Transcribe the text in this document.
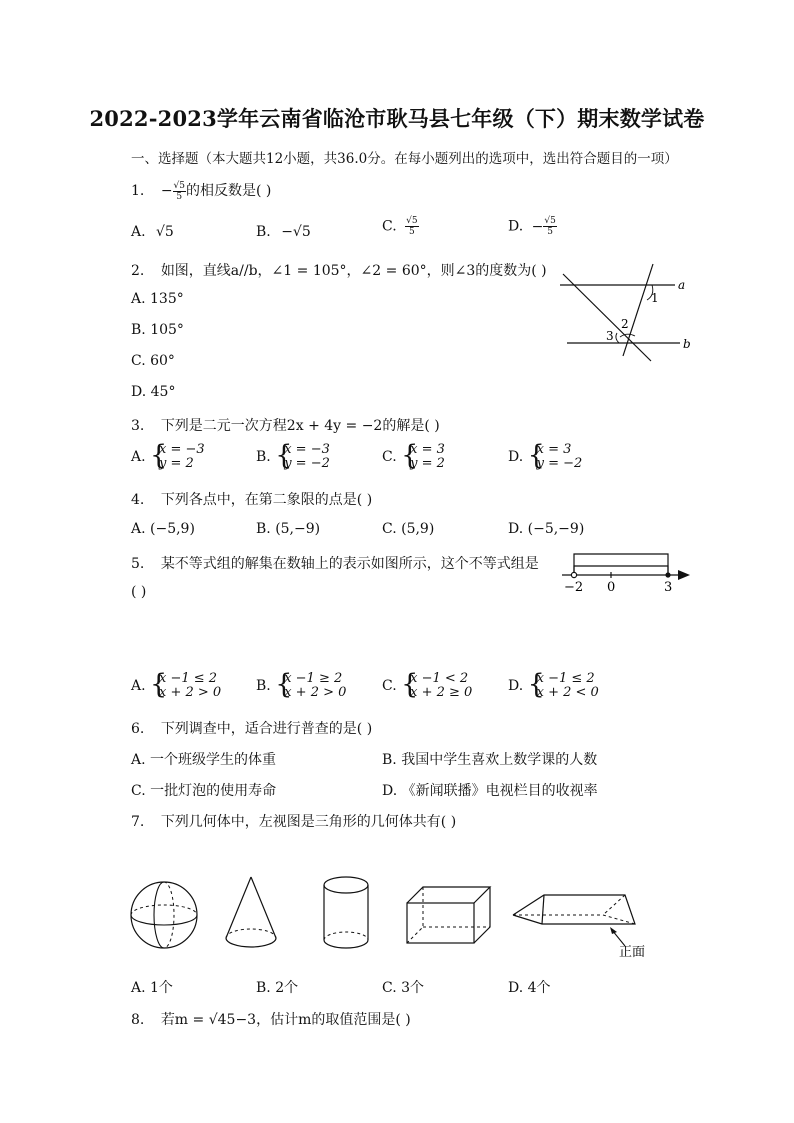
2022-2023学年云南省临沧市耿马县七年级（下）期末数学试卷
一、选择题（本大题共12小题，共36.0分。在每小题列出的选项中，选出符合题目的一项）
1. − $\frac{√5}{5}$ 的相反数是( )
A. √5	B. −√5	C. $\frac{√5}{5}$	D. − $\frac{√5}{5}$
2. 如图，直线a//b，∠1 = 105°，∠2 = 60°，则∠3的度数为( )
A. 135°
B. 105°
C. 60°
D. 45°
a
b
1
2
3
3. 下列是二元一次方程2x + 4y = −2的解是( )
A. {
x = −3
y = 2	B. {
x = −3
y = −2	C. {
x = 3
y = 2	D. {
x = 3
y = −2
4. 下列各点中，在第二象限的点是( )
A. (−5,9)	B. (5,−9)	C. (5,9)	D. (−5,−9)
5. 某不等式组的解集在数轴上的表示如图所示，这个不等式组是
( )	−2 0	3
A. {
x −1 ≤ 2
x + 2 > 0 B. {
x −1 ≥ 2
x + 2 > 0	C. {
x −1 < 2
x + 2 ≥ 0	D. {
x −1 ≤ 2
x + 2 < 0
6. 下列调查中，适合进行普查的是( )
A. 一个班级学生的体重	B. 我国中学生喜欢上数学课的人数
C. 一批灯泡的使用寿命	D. 《新闻联播》电视栏目的收视率
7. 下列几何体中，左视图是三角形的几何体共有( )
正面
A. 1个	B. 2个	C. 3个	D. 4个
8. 若m = √45−3，估计m的取值范围是( )
